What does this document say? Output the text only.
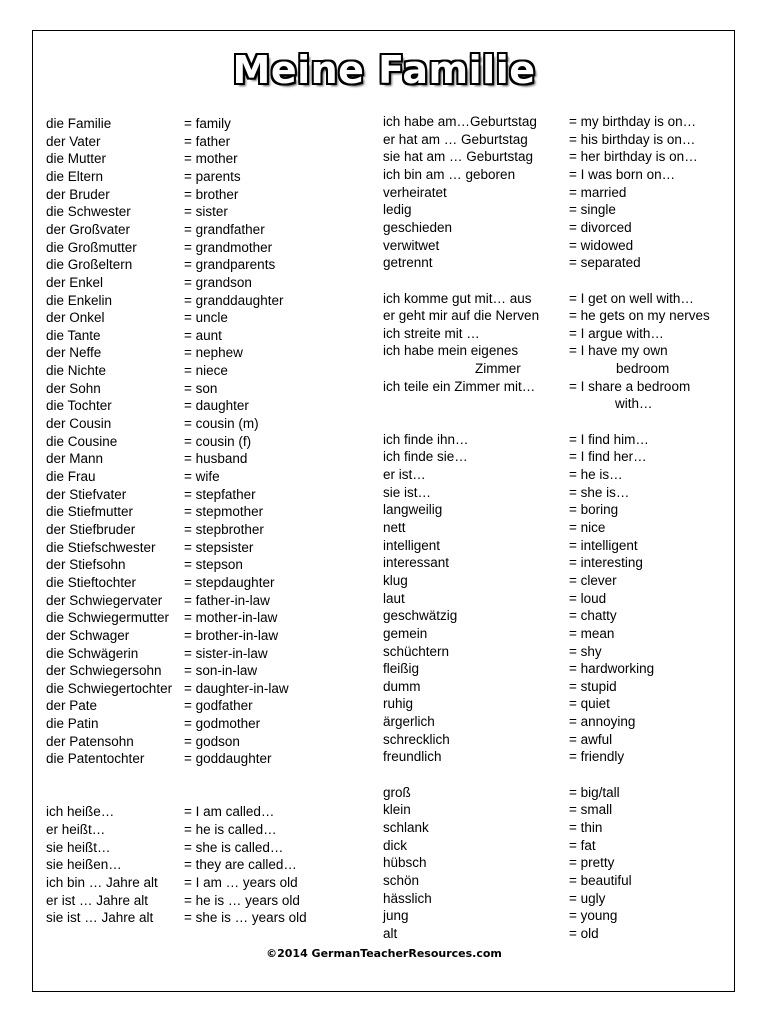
Meine Familie
die Familie	= family
der Vater	= father
die Mutter	= mother
die Eltern	= parents
der Bruder	= brother
die Schwester	= sister
der Großvater	= grandfather
die Großmutter	= grandmother
die Großeltern	= grandparents
der Enkel	= grandson
die Enkelin	= granddaughter
der Onkel	= uncle
die Tante	= aunt
der Neffe	= nephew
die Nichte	= niece
der Sohn	= son
die Tochter	= daughter
der Cousin	= cousin (m)
die Cousine	= cousin (f)
der Mann	= husband
die Frau	= wife
der Stiefvater	= stepfather
die Stiefmutter	= stepmother
der Stiefbruder	= stepbrother
die Stiefschwester = stepsister
der Stiefsohn	= stepson
die Stieftochter	= stepdaughter
der Schwiegervater = father-in-law
die Schwiegermutter = mother-in-law
der Schwager	= brother-in-law
die Schwägerin	= sister-in-law
der Schwiegersohn = son-in-law
die Schwiegertochter = daughter-in-law
der Pate	= godfather
die Patin	= godmother
der Patensohn	= godson
die Patentochter	= goddaughter
ich heiße…	= I am called…
er heißt…	= he is called…
sie heißt…	= she is called…
sie heißen…	= they are called…
ich bin … Jahre alt = I am … years old
er ist … Jahre alt	= he is … years old
sie ist … Jahre alt = she is … years old
ich habe am…Geburtstag = my birthday is on…
er hat am … Geburtstag	= his birthday is on…
sie hat am … Geburtstag	= her birthday is on…
ich bin am … geboren	= I was born on…
verheiratet	= married
ledig	= single
geschieden	= divorced
verwitwet	= widowed
getrennt	= separated
ich komme gut mit… aus	= I get on well with…
er geht mir auf die Nerven = he gets on my nerves
ich streite mit …	= I argue with…
ich habe mein eigenes	= I have my own
Zimmer	bedroom
ich teile ein Zimmer mit… = I share a bedroom
with…
ich finde ihn…	= I find him…
ich finde sie…	= I find her…
er ist…	= he is…
sie ist…	= she is…
langweilig	= boring
nett	= nice
intelligent	= intelligent
interessant	= interesting
klug	= clever
laut	= loud
geschwätzig	= chatty
gemein	= mean
schüchtern	= shy
fleißig	= hardworking
dumm	= stupid
ruhig	= quiet
ärgerlich	= annoying
schrecklich	= awful
freundlich	= friendly
groß	= big/tall
klein	= small
schlank	= thin
dick	= fat
hübsch	= pretty
schön	= beautiful
hässlich	= ugly
jung	= young
alt	= old
©2014 GermanTeacherResources.com
